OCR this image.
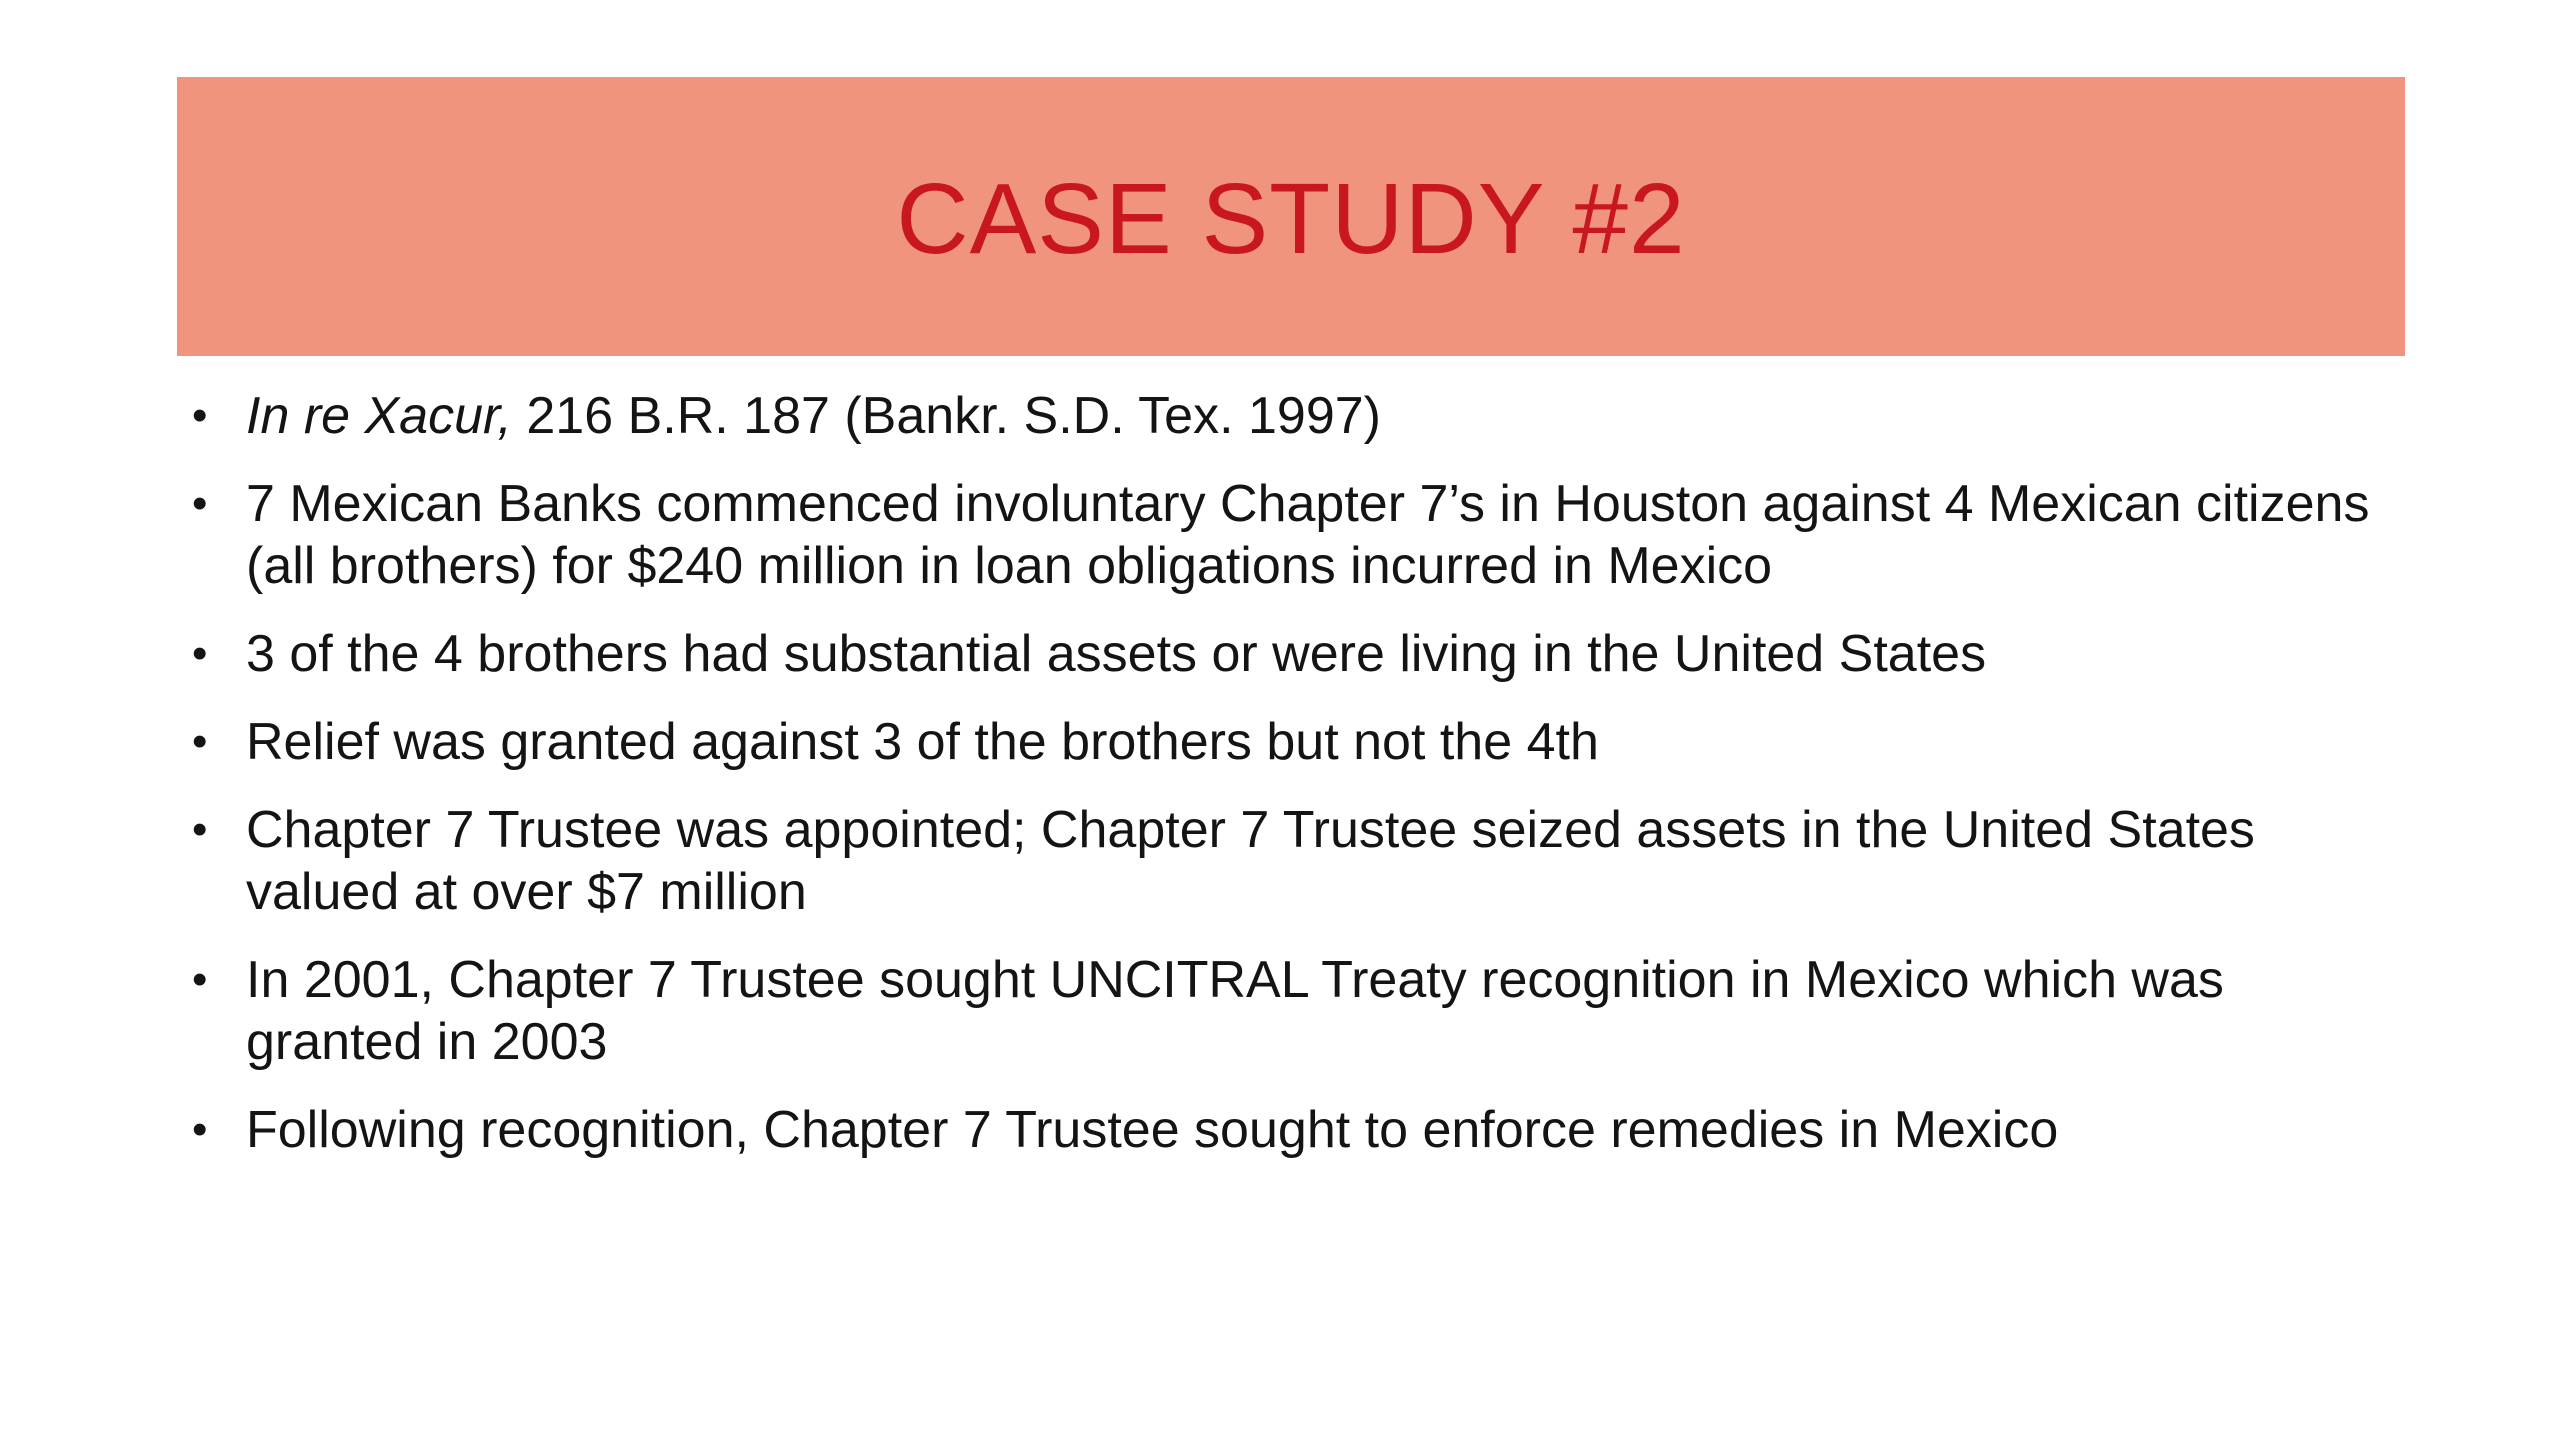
CASE STUDY #2
• In re Xacur, 216 B.R. 187 (Bankr. S.D. Tex. 1997)
• 7 Mexican Banks commenced involuntary Chapter 7’s in Houston against 4 Mexican citizens (all brothers) for $240 million in loan obligations incurred in Mexico
• 3 of the 4 brothers had substantial assets or were living in the United States
• Relief was granted against 3 of the brothers but not the 4th
• Chapter 7 Trustee was appointed; Chapter 7 Trustee seized assets in the United States valued at over $7 million
• In 2001, Chapter 7 Trustee sought UNCITRAL Treaty recognition in Mexico which was granted in 2003
• Following recognition, Chapter 7 Trustee sought to enforce remedies in Mexico
